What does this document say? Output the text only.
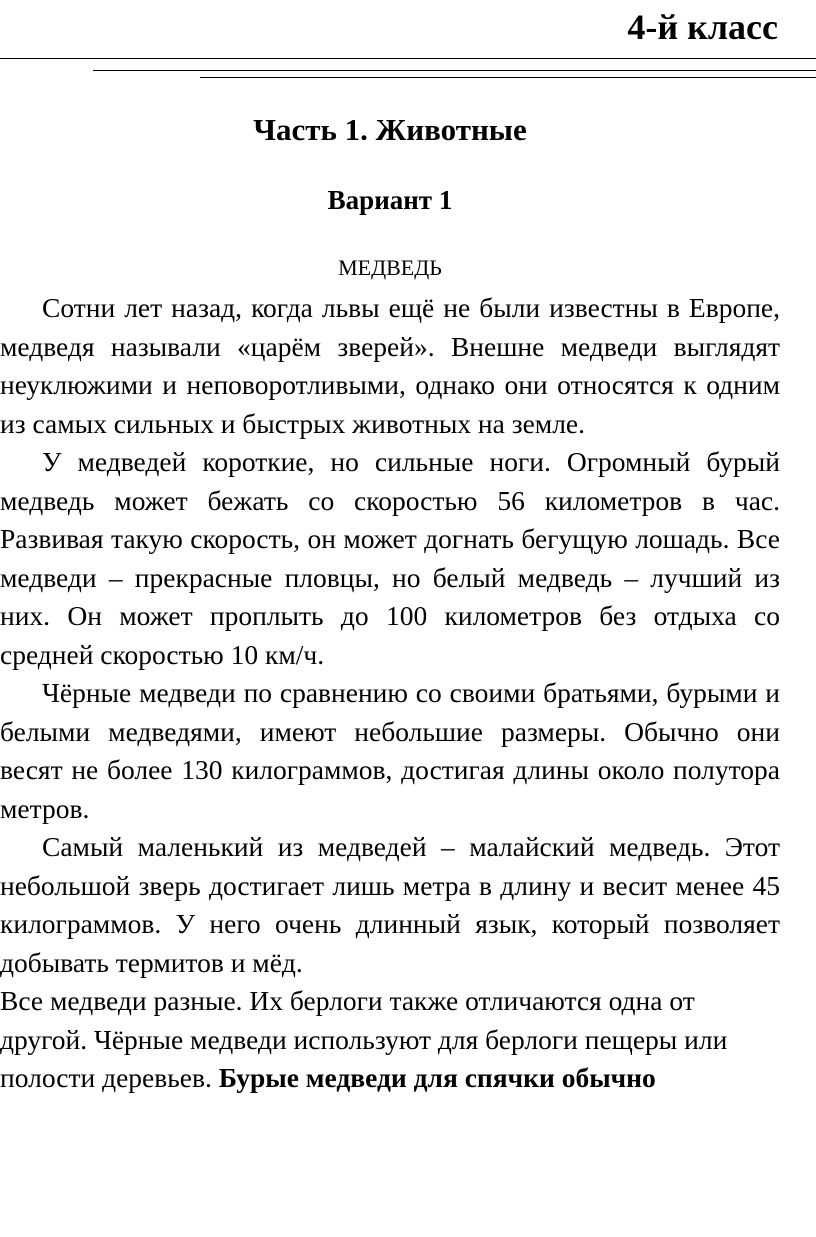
4-й класс
Часть 1. Животные
Вариант 1
МЕДВЕДЬ

Сотни лет назад, когда львы ещё не были известны в Европе, медведя называли «царём зверей». Внешне медведи выглядят неуклюжими и неповоротливыми, однако они относятся к одним из самых сильных и быстрых животных на земле.

У медведей короткие, но сильные ноги. Огромный бурый медведь может бежать со скоростью 56 километров в час. Развивая такую скорость, он может догнать бегущую лошадь. Все медведи – прекрасные пловцы, но белый медведь – лучший из них. Он может проплыть до 100 километров без отдыха со средней скоростью 10 км/ч.

Чёрные медведи по сравнению со своими братьями, бурыми и белыми медведями, имеют небольшие размеры. Обычно они весят не более 130 килограммов, достигая длины около полутора метров.

Самый маленький из медведей – малайский медведь. Этот небольшой зверь достигает лишь метра в длину и весит менее 45 килограммов. У него очень длинный язык, который позволяет добывать термитов и мёд.

Все медведи разные. Их берлоги также отличаются одна от другой. Чёрные медведи используют для берлоги пещеры или полости деревьев. Бурые медведи для спячки обычно
